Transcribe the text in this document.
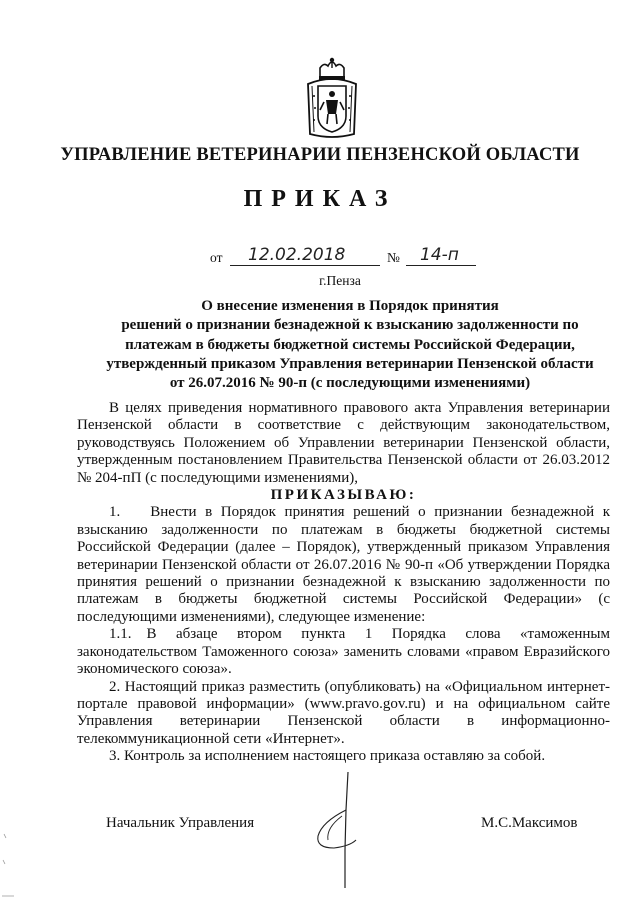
УПРАВЛЕНИЕ ВЕТЕРИНАРИИ ПЕНЗЕНСКОЙ ОБЛАСТИ
ПРИКАЗ
от 12.02.2018	№ 14-п
г.Пенза
О внесение изменения в Порядок принятия
решений о признании безнадежной к взысканию задолженности по
платежам в бюджеты бюджетной системы Российской Федерации,
утвержденный приказом Управления ветеринарии Пензенской области
от 26.07.2016 № 90-п (с последующими изменениями)

В целях приведения нормативного правового акта Управления ветеринарии Пензенской области в соответствие с действующим законодательством, руководствуясь Положением об Управлении ветеринарии Пензенской области, утвержденным постановлением Правительства Пензенской области от 26.03.2012 № 204-пП (с последующими изменениями),

ПРИКАЗЫВАЮ:

1.  Внести в Порядок принятия решений о признании безнадежной к взысканию задолженности по платежам в бюджеты бюджетной системы Российской Федерации (далее – Порядок), утвержденный приказом Управления ветеринарии Пензенской области от 26.07.2016 № 90-п «Об утверждении Порядка принятия решений о признании безнадежной к взысканию задолженности по платежам в бюджеты бюджетной системы Российской Федерации» (с последующими изменениями), следующее изменение:

1.1. В абзаце втором пункта 1 Порядка слова «таможенным законодательством Таможенного союза» заменить словами «правом Евразийского экономического союза».

2. Настоящий приказ разместить (опубликовать) на «Официальном интернет-портале правовой информации» (www.pravo.gov.ru) и на официальном сайте Управления ветеринарии Пензенской области в информационно-телекоммуникационной сети «Интернет».

3. Контроль за исполнением настоящего приказа оставляю за собой.

Начальник Управления	М.С.Максимов
